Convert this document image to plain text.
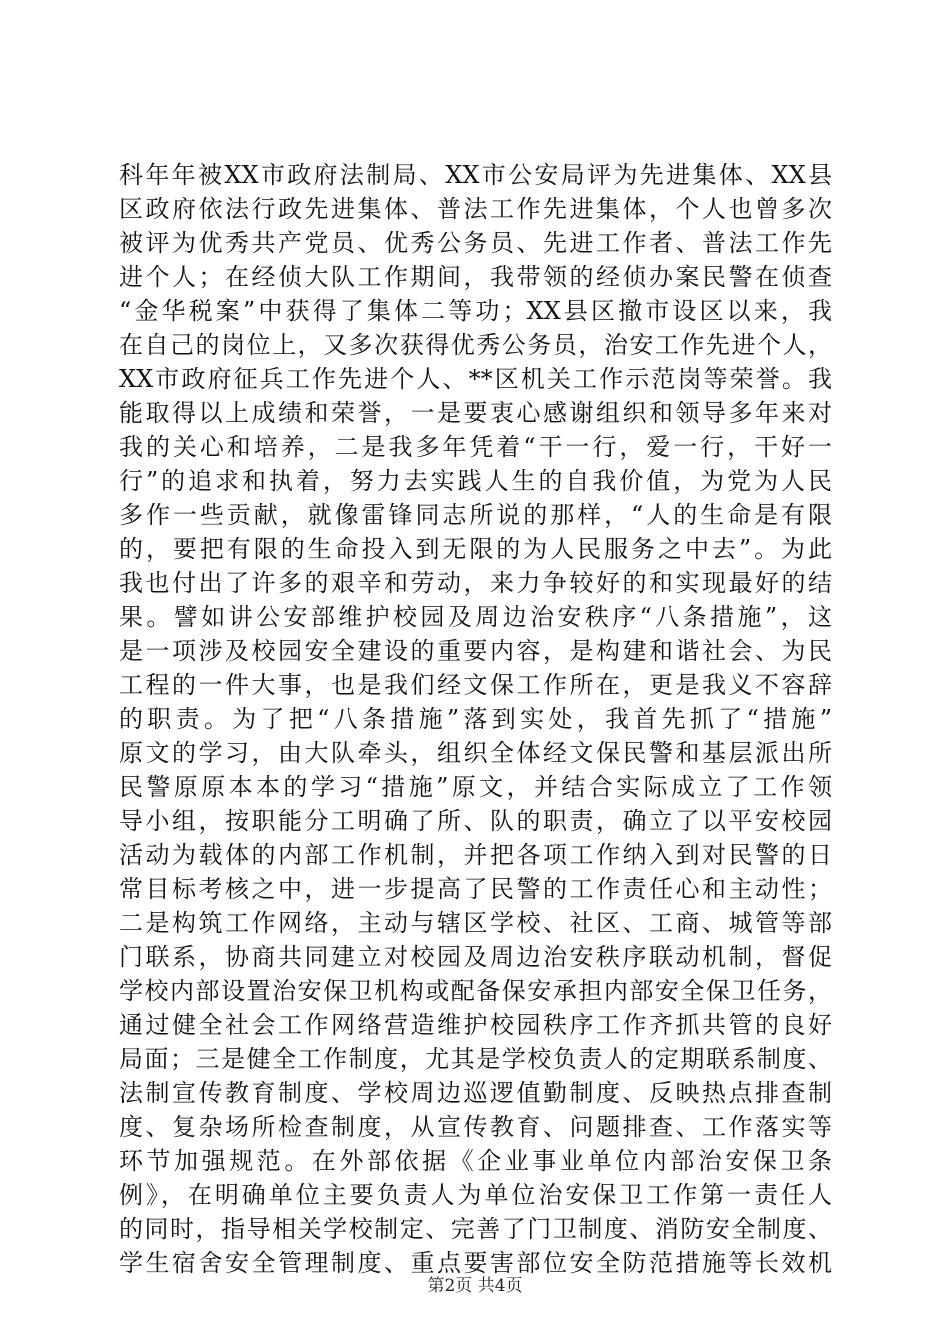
科年年被XX市政府法制局、XX市公安局评为先进集体、XX县
区政府依法行政先进集体、普法工作先进集体，个人也曾多次
被评为优秀共产党员、优秀公务员、先进工作者、普法工作先
进个人；在经侦大队工作期间，我带领的经侦办案民警在侦查
“金华税案”中获得了集体二等功；XX县区撤市设区以来，我
在自己的岗位上，又多次获得优秀公务员，治安工作先进个人，
XX市政府征兵工作先进个人、**区机关工作示范岗等荣誉。我
能取得以上成绩和荣誉，一是要衷心感谢组织和领导多年来对
我的关心和培养，二是我多年凭着“干一行，爱一行，干好一
行”的追求和执着，努力去实践人生的自我价值，为党为人民
多作一些贡献，就像雷锋同志所说的那样，“人的生命是有限
的，要把有限的生命投入到无限的为人民服务之中去”。为此
我也付出了许多的艰辛和劳动，来力争较好的和实现最好的结
果。譬如讲公安部维护校园及周边治安秩序“八条措施”，这
是一项涉及校园安全建设的重要内容，是构建和谐社会、为民
工程的一件大事，也是我们经文保工作所在，更是我义不容辞
的职责。为了把“八条措施”落到实处，我首先抓了“措施”
原文的学习，由大队牵头，组织全体经文保民警和基层派出所
民警原原本本的学习“措施”原文，并结合实际成立了工作领
导小组，按职能分工明确了所、队的职责，确立了以平安校园
活动为载体的内部工作机制，并把各项工作纳入到对民警的日
常目标考核之中，进一步提高了民警的工作责任心和主动性；
二是构筑工作网络，主动与辖区学校、社区、工商、城管等部
门联系，协商共同建立对校园及周边治安秩序联动机制，督促
学校内部设置治安保卫机构或配备保安承担内部安全保卫任务，
通过健全社会工作网络营造维护校园秩序工作齐抓共管的良好
局面；三是健全工作制度，尤其是学校负责人的定期联系制度、
法制宣传教育制度、学校周边巡逻值勤制度、反映热点排查制
度、复杂场所检查制度，从宣传教育、问题排查、工作落实等
环节加强规范。在外部依据《企业事业单位内部治安保卫条
例》，在明确单位主要负责人为单位治安保卫工作第一责任人
的同时，指导相关学校制定、完善了门卫制度、消防安全制度、
学生宿舍安全管理制度、重点要害部位安全防范措施等长效机
第2页 共4页
